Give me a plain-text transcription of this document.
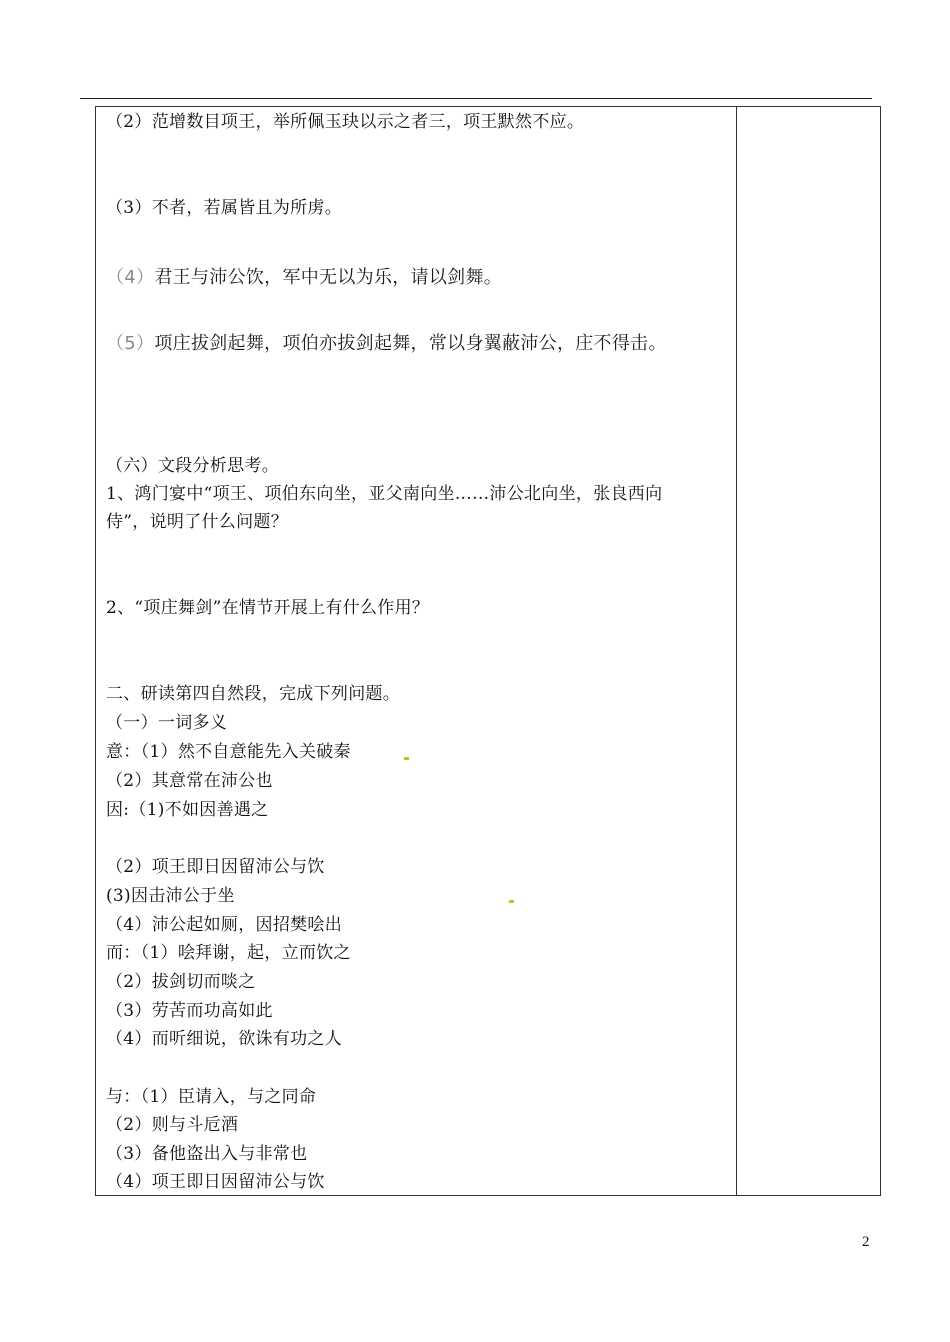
（2）范增数目项王，举所佩玉玦以示之者三，项王默然不应。
（3）不者，若属皆且为所虏。
（4）君王与沛公饮，军中无以为乐，请以剑舞。
（5）项庄拔剑起舞，项伯亦拔剑起舞，常以身翼蔽沛公，庄不得击。
（六）文段分析思考。
1、鸿门宴中“项王、项伯东向坐，亚父南向坐……沛公北向坐，张良西向
侍”，说明了什么问题？
2、“项庄舞剑”在情节开展上有什么作用？
二、研读第四自然段，完成下列问题。
（一）一词多义
意：（1）然不自意能先入关破秦
（2）其意常在沛公也
因:（1)不如因善遇之
（2）项王即日因留沛公与饮
(3)因击沛公于坐
（4）沛公起如厕，因招樊哙出
而：（1）哙拜谢，起，立而饮之
（2）拔剑切而啖之
（3）劳苦而功高如此
（4）而听细说，欲诛有功之人
与：（1）臣请入，与之同命
（2）则与斗卮酒
（3）备他盗出入与非常也
（4）项王即日因留沛公与饮
2
